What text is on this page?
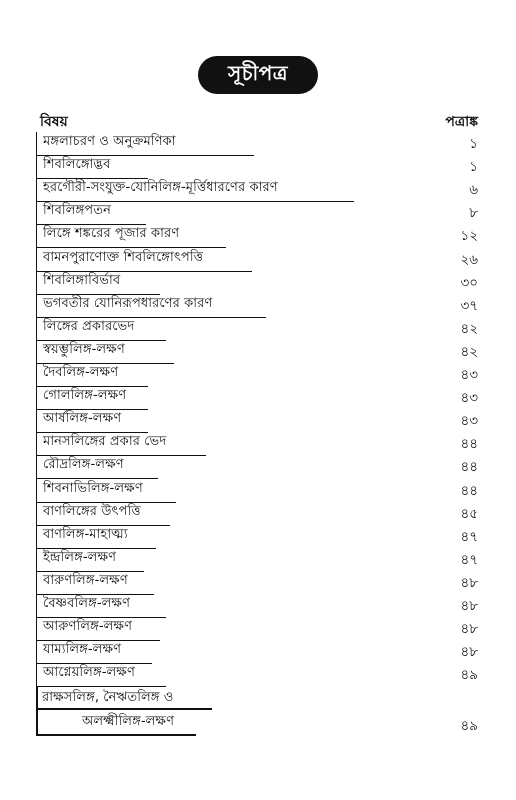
সূচীপত্র
বিষয়	পত্রাঙ্ক
মঙ্গলাচরণ ও অনুক্রমণিকা	১
শিবলিঙ্গোদ্ভব	১
হরগৌরী-সংযুক্ত-যোনিলিঙ্গ-মূর্ত্তিধারণের কারণ	৬
শিবলিঙ্গপতন	৮
লিঙ্গে শঙ্করের পূজার কারণ	১২
বামনপুরাণোক্ত শিবলিঙ্গোৎপত্তি	২৬
শিবলিঙ্গাবির্ভাব	৩০
ভগবতীর যোনিরূপধারণের কারণ	৩৭
লিঙ্গের প্রকারভেদ	৪২
স্বয়ম্ভুলিঙ্গ-লক্ষণ	৪২
দৈবলিঙ্গ-লক্ষণ	৪৩
গোললিঙ্গ-লক্ষণ	৪৩
আর্ষলিঙ্গ-লক্ষণ	৪৩
মানসলিঙ্গের প্রকার ভেদ	৪৪
রৌদ্রলিঙ্গ-লক্ষণ	৪৪
শিবনাভিলিঙ্গ-লক্ষণ	৪৪
বাণলিঙ্গের উৎপত্তি	৪৫
বাণলিঙ্গ-মাহাত্ম্য	৪৭
ইন্দ্রলিঙ্গ-লক্ষণ	৪৭
বারুণলিঙ্গ-লক্ষণ	৪৮
বৈষ্ণবলিঙ্গ-লক্ষণ	৪৮
আরুণলিঙ্গ-লক্ষণ	৪৮
যাম্যলিঙ্গ-লক্ষণ	৪৮
আগ্নেয়লিঙ্গ-লক্ষণ	৪৯
রাক্ষসলিঙ্গ, নৈঋতলিঙ্গ ও
অলক্ষ্মীলিঙ্গ-লক্ষণ	৪৯
